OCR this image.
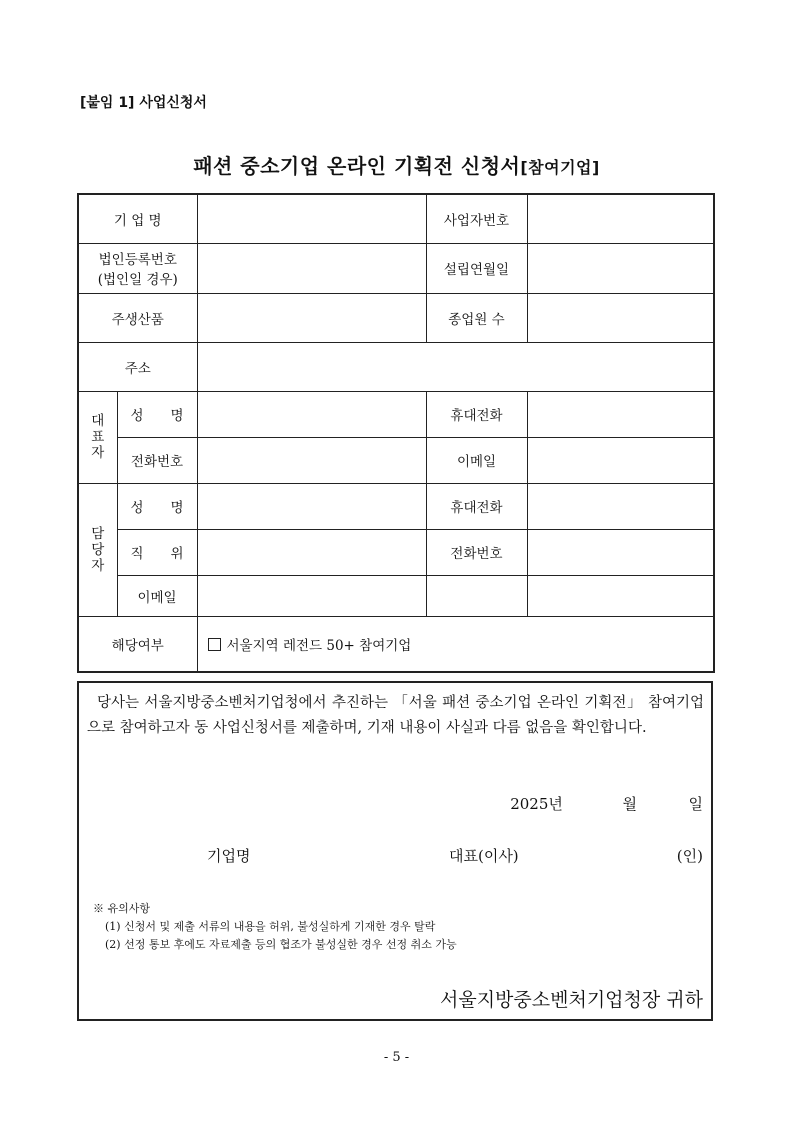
[붙임 1] 사업신청서
패션 중소기업 온라인 기획전 신청서[참여기업]
기 업 명			사업자번호	

법인등록번호
(법인일 경우)			설립연월일	
주생산품			종업원 수	
주소				

대
표
자	성　　명		휴대전화	
	전화번호		이메일	

담
당
자	성　　명		휴대전화	
	직　　위		전화번호	
	이메일			
해당여부		서울지역 레전드 50+ 참여기업		
당사는 서울지방중소벤처기업청에서 추진하는 「서울 패션 중소기업 온라인 기획전」 참여기업으로 참여하고자 동 사업신청서를 제출하며, 기재 내용이 사실과 다름 없음을 확인합니다.
2025년	월	일
기업명	대표(이사)	(인)
※ 유의사항
(1) 신청서 및 제출 서류의 내용을 허위, 불성실하게 기재한 경우 탈락
(2) 선정 통보 후에도 자료제출 등의 협조가 불성실한 경우 선정 취소 가능
서울지방중소벤처기업청장 귀하
- 5 -
